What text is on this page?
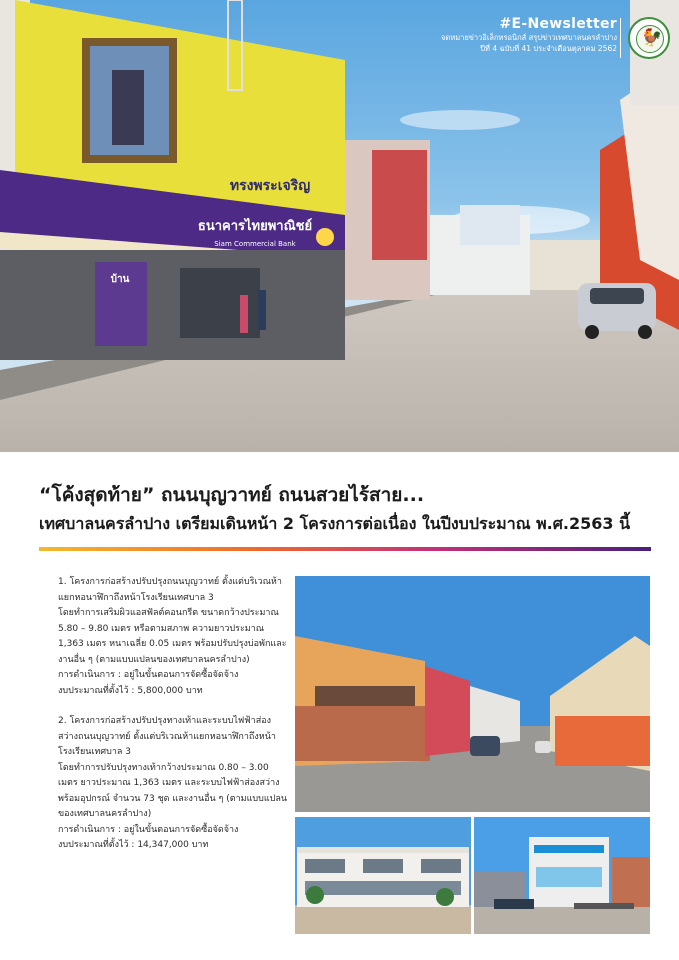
ทรงพระเจริญ
ธนาคารไทยพาณิชย์
Siam Commercial Bank
บ้าน
#E-Newsletter
จดหมายข่าวอิเล็กทรอนิกส์ สรุปข่าวเทศบาลนครลำปาง
ปีที่ 4 ฉบับที่ 41 ประจำเดือนตุลาคม 2562
🐓
“โค้งสุดท้าย” ถนนบุญวาทย์ ถนนสวยไร้สาย...
เทศบาลนครลำปาง เตรียมเดินหน้า 2 โครงการต่อเนื่อง ในปีงบประมาณ พ.ศ.2563 นี้

1. โครงการก่อสร้างปรับปรุงถนนบุญวาทย์ ตั้งแต่บริเวณห้าแยกหอนาฬิกาถึงหน้าโรงเรียนเทศบาล 3

โดยทำการเสริมผิวแอสฟัลต์คอนกรีต ขนาดกว้างประมาณ 5.80 – 9.80 เมตร หรือตามสภาพ ความยาวประมาณ 1,363 เมตร หนาเฉลี่ย 0.05 เมตร พร้อมปรับปรุงบ่อพักและงานอื่น ๆ (ตามแบบแปลนของเทศบาลนครลำปาง)

การดำเนินการ : อยู่ในขั้นตอนการจัดซื้อจัดจ้าง

งบประมาณที่ตั้งไว้ : 5,800,000 บาท

2. โครงการก่อสร้างปรับปรุงทางเท้าและระบบไฟฟ้าส่องสว่างถนนบุญวาทย์ ตั้งแต่บริเวณห้าแยกหอนาฬิกาถึงหน้าโรงเรียนเทศบาล 3

โดยทำการปรับปรุงทางเท้ากว้างประมาณ 0.80 – 3.00 เมตร ยาวประมาณ 1,363 เมตร และระบบไฟฟ้าส่องสว่าง พร้อมอุปกรณ์ จำนวน 73 ชุด และงานอื่น ๆ (ตามแบบแปลนของเทศบาลนครลำปาง)

การดำเนินการ : อยู่ในขั้นตอนการจัดซื้อจัดจ้าง

งบประมาณที่ตั้งไว้ : 14,347,000 บาท
